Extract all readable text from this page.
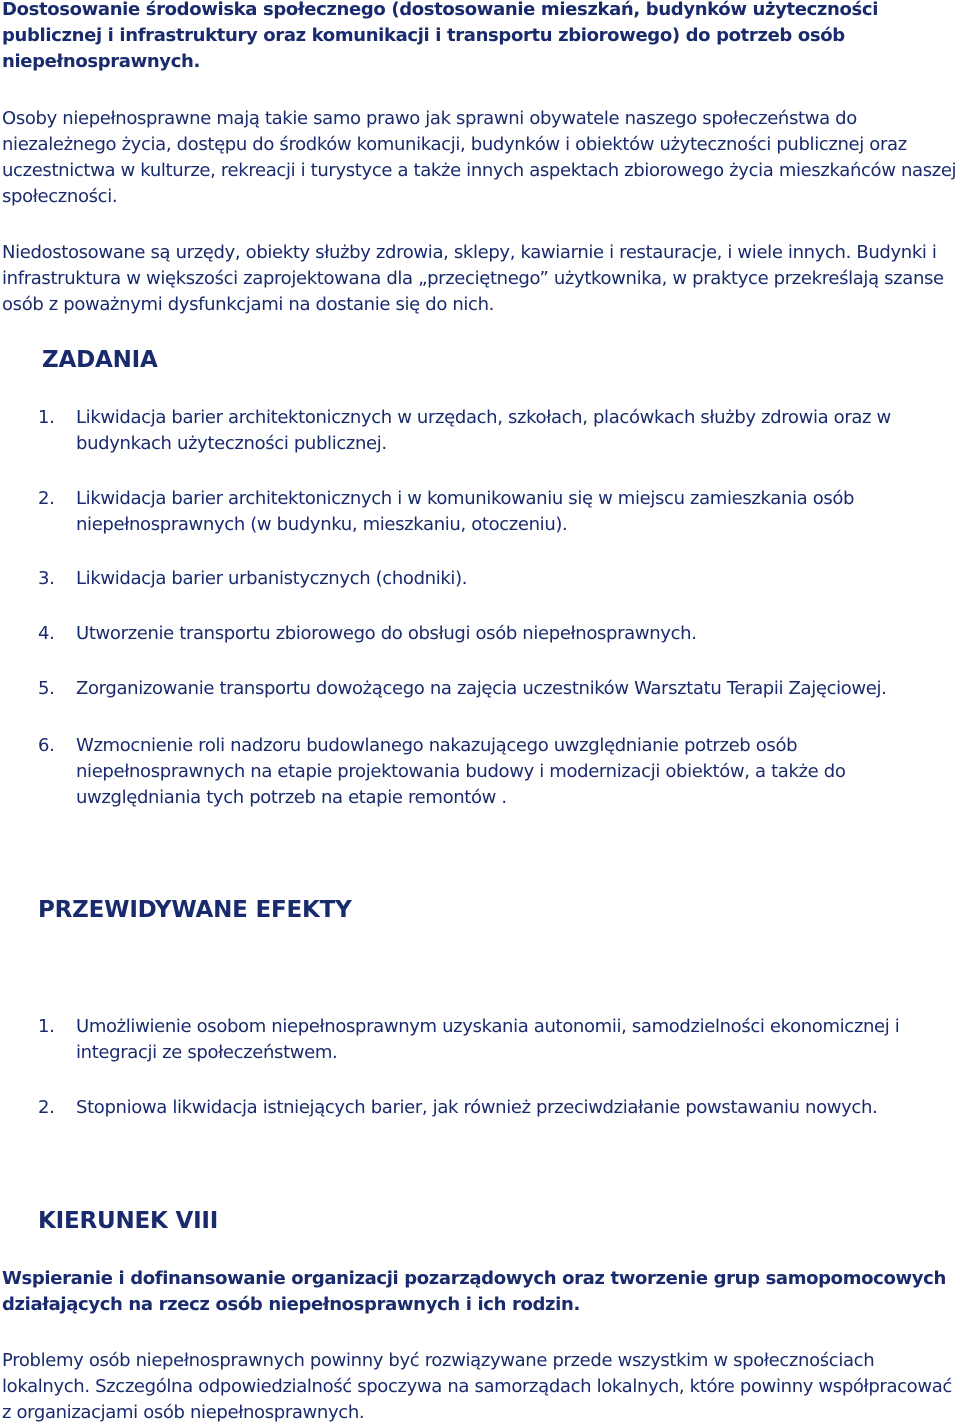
Dostosowanie środowiska społecznego (dostosowanie mieszkań, budynków użyteczności publicznej i infrastruktury oraz komunikacji i transportu zbiorowego) do potrzeb osób niepełnosprawnych.

Osoby niepełnosprawne mają takie samo prawo jak sprawni obywatele naszego społeczeństwa do niezależnego życia, dostępu do środków komunikacji, budynków i obiektów użyteczności publicznej oraz uczestnictwa w kulturze, rekreacji i turystyce a także innych aspektach zbiorowego życia mieszkańców naszej społeczności.

Niedostosowane są urzędy, obiekty służby zdrowia, sklepy, kawiarnie i restauracje, i wiele innych. Budynki i infrastruktura w większości zaprojektowana dla „przeciętnego” użytkownika, w praktyce przekreślają szanse osób z poważnymi dysfunkcjami na dostanie się do nich.

ZADANIA
1. Likwidacja barier architektonicznych w urzędach, szkołach, placówkach służby zdrowia oraz w budynkach użyteczności publicznej.
2. Likwidacja barier architektonicznych i w komunikowaniu się w miejscu zamieszkania osób niepełnosprawnych (w budynku, mieszkaniu, otoczeniu).
3. Likwidacja barier urbanistycznych (chodniki).
4. Utworzenie transportu zbiorowego do obsługi osób niepełnosprawnych.
5. Zorganizowanie transportu dowożącego na zajęcia uczestników Warsztatu Terapii Zajęciowej.
6. Wzmocnienie roli nadzoru budowlanego nakazującego uwzględnianie potrzeb osób niepełnosprawnych na etapie projektowania budowy i modernizacji obiektów, a także do uwzględniania tych potrzeb na etapie remontów .
PRZEWIDYWANE EFEKTY
1. Umożliwienie osobom niepełnosprawnym uzyskania autonomii, samodzielności ekonomicznej i integracji ze społeczeństwem.
2. Stopniowa likwidacja istniejących barier, jak również przeciwdziałanie powstawaniu nowych.
KIERUNEK VIII

Wspieranie i dofinansowanie organizacji pozarządowych oraz tworzenie grup samopomocowych działających na rzecz osób niepełnosprawnych i ich rodzin.

Problemy osób niepełnosprawnych powinny być rozwiązywane przede wszystkim w społecznościach lokalnych. Szczególna odpowiedzialność spoczywa na samorządach lokalnych, które powinny współpracować z organizacjami osób niepełnosprawnych.
